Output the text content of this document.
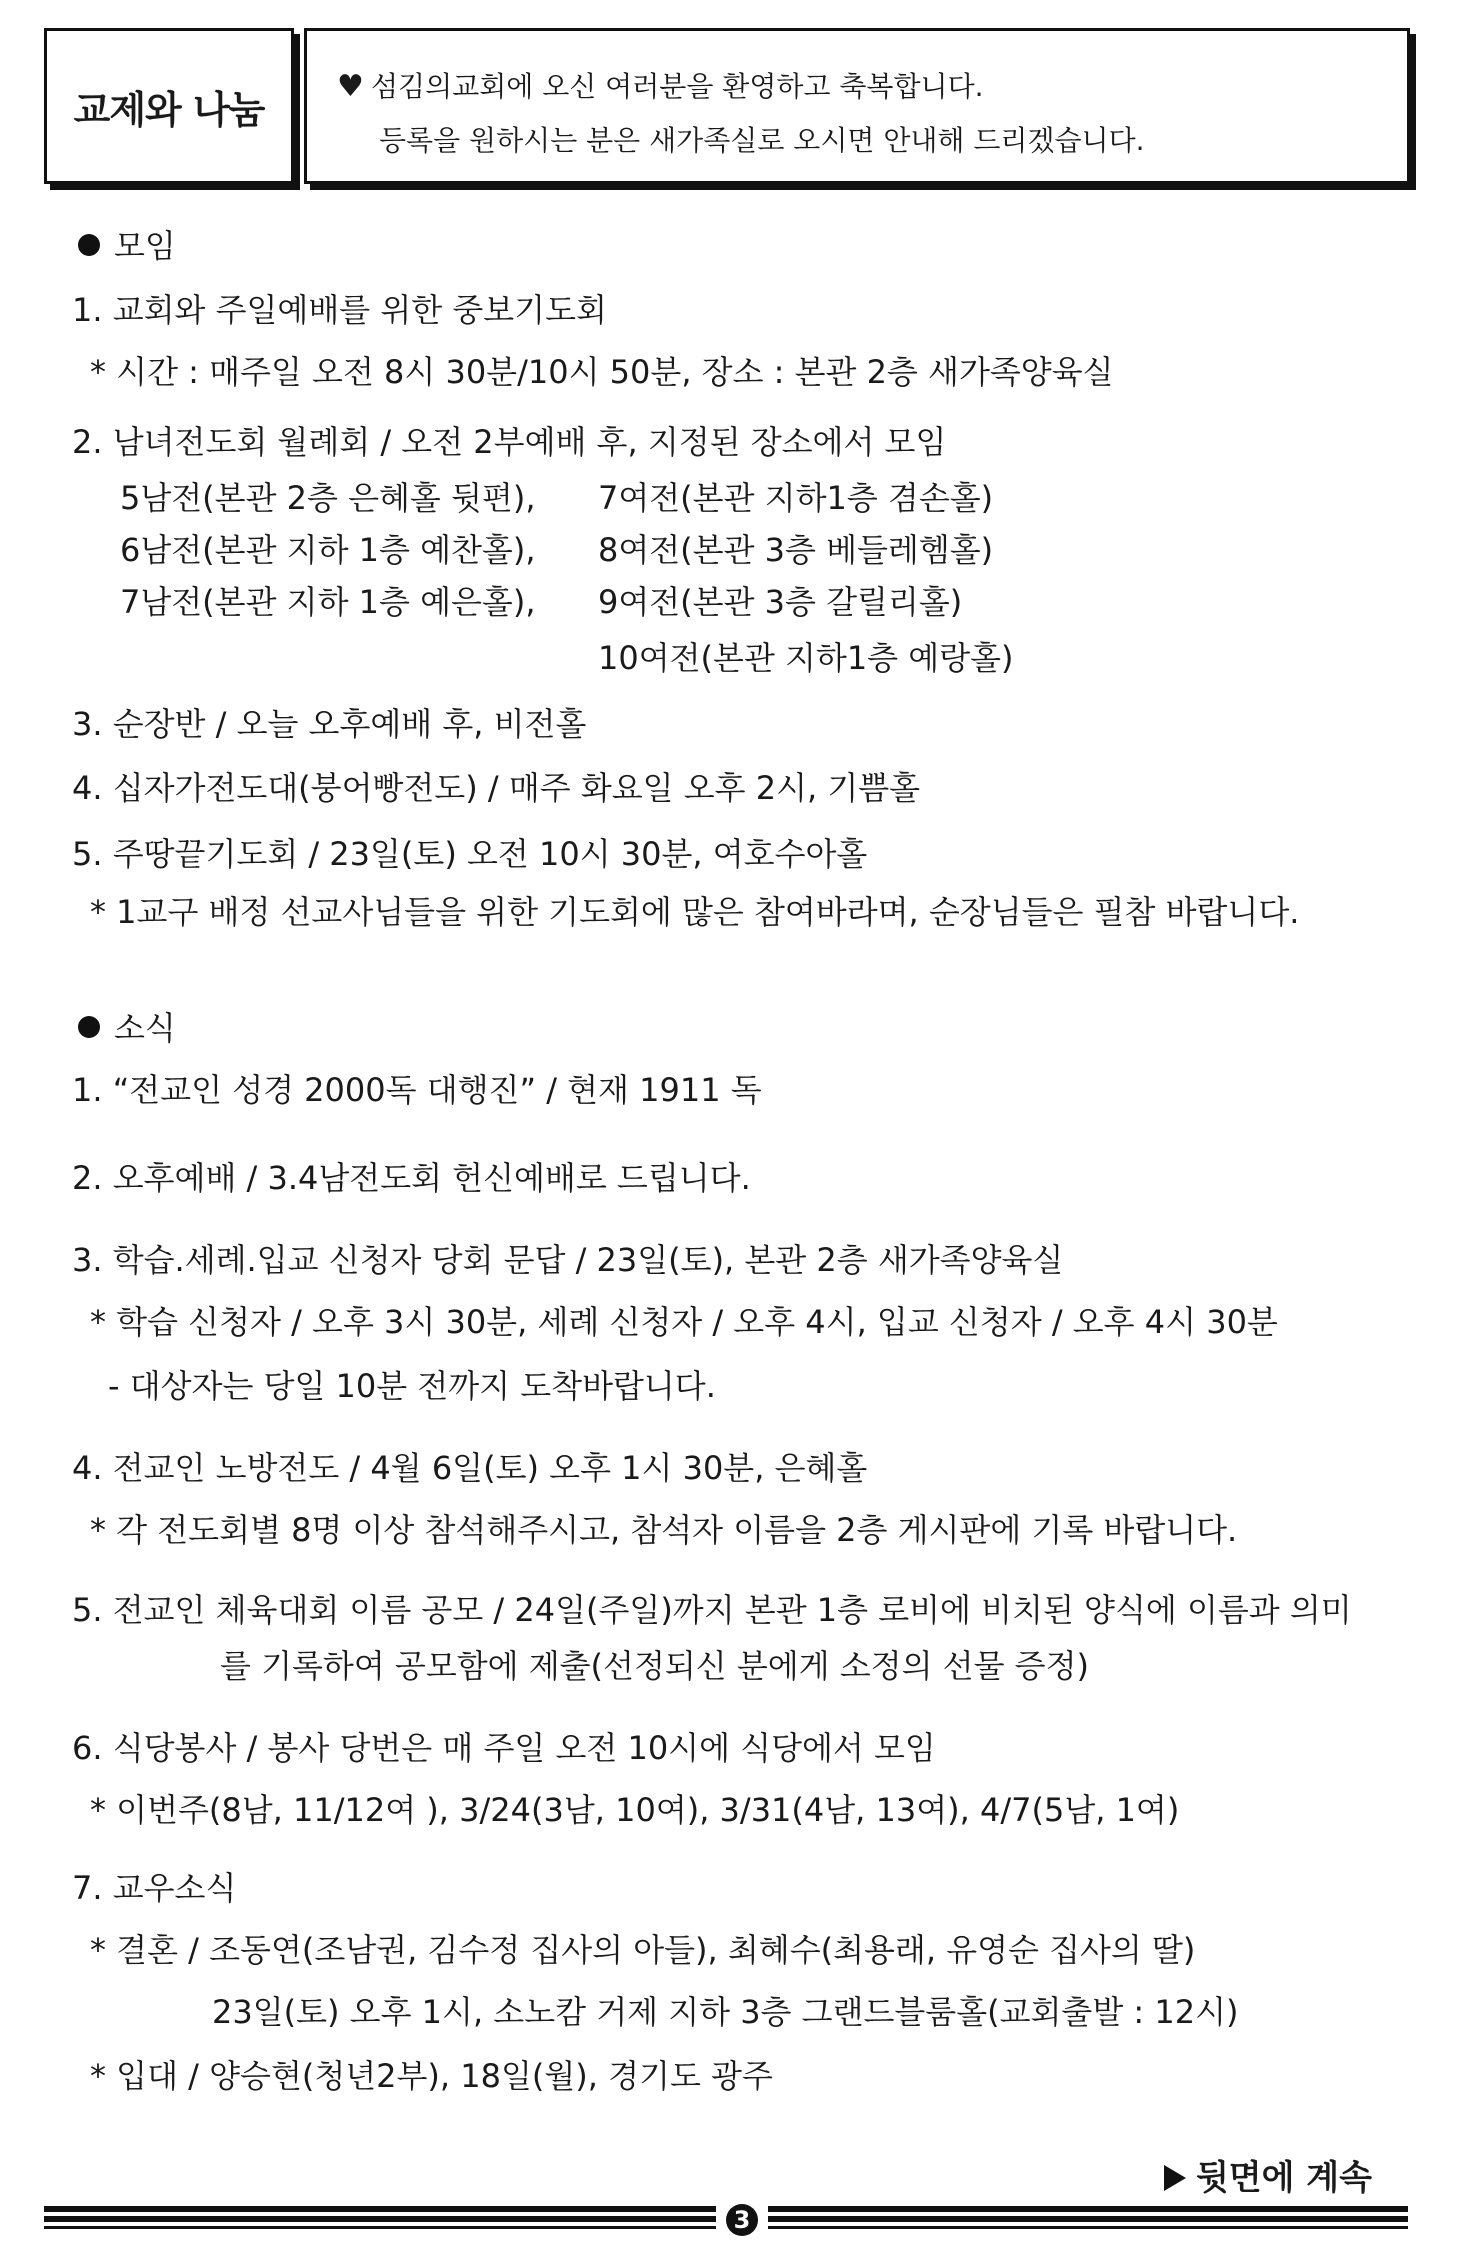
교제와 나눔
♥ 섬김의교회에 오신 여러분을 환영하고 축복합니다.
등록을 원하시는 분은 새가족실로 오시면 안내해 드리겠습니다.
모임
1. 교회와 주일예배를 위한 중보기도회
* 시간 : 매주일 오전 8시 30분/10시 50분, 장소 : 본관 2층 새가족양육실
2. 남녀전도회 월례회 / 오전 2부예배 후, 지정된 장소에서 모임
5남전(본관 2층 은혜홀 뒷편),
6남전(본관 지하 1층 예찬홀),
7남전(본관 지하 1층 예은홀),
7여전(본관 지하1층 겸손홀)
8여전(본관 3층 베들레헴홀)
9여전(본관 3층 갈릴리홀)
10여전(본관 지하1층 예랑홀)
3. 순장반 / 오늘 오후예배 후, 비전홀
4. 십자가전도대(붕어빵전도) / 매주 화요일 오후 2시, 기쁨홀
5. 주땅끝기도회 / 23일(토) 오전 10시 30분, 여호수아홀
* 1교구 배정 선교사님들을 위한 기도회에 많은 참여바라며, 순장님들은 필참 바랍니다.
소식
1. “전교인 성경 2000독 대행진” / 현재 1911 독
2. 오후예배 / 3.4남전도회 헌신예배로 드립니다.
3. 학습.세례.입교 신청자 당회 문답 / 23일(토), 본관 2층 새가족양육실
* 학습 신청자 / 오후 3시 30분, 세례 신청자 / 오후 4시, 입교 신청자 / 오후 4시 30분
- 대상자는 당일 10분 전까지 도착바랍니다.
4. 전교인 노방전도 / 4월 6일(토) 오후 1시 30분, 은혜홀
* 각 전도회별 8명 이상 참석해주시고, 참석자 이름을 2층 게시판에 기록 바랍니다.
5. 전교인 체육대회 이름 공모 / 24일(주일)까지 본관 1층 로비에 비치된 양식에 이름과 의미
를 기록하여 공모함에 제출(선정되신 분에게 소정의 선물 증정)
6. 식당봉사 / 봉사 당번은 매 주일 오전 10시에 식당에서 모임
* 이번주(8남, 11/12여 ), 3/24(3남, 10여), 3/31(4남, 13여), 4/7(5남, 1여)
7. 교우소식
* 결혼 / 조동연(조남권, 김수정 집사의 아들), 최혜수(최용래, 유영순 집사의 딸)
23일(토) 오후 1시, 소노캄 거제 지하 3층 그랜드블룸홀(교회출발 : 12시)
* 입대 / 양승현(청년2부), 18일(월), 경기도 광주
뒷면에 계속
3
